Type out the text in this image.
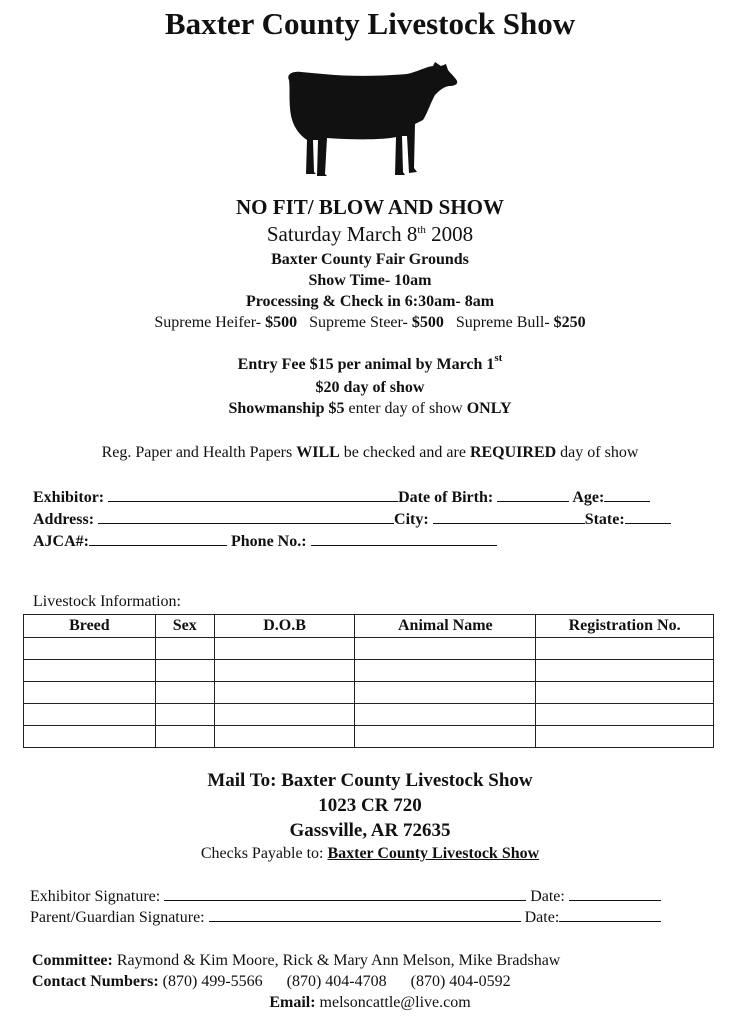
Baxter County Livestock Show
NO FIT/ BLOW AND SHOW
Saturday March 8th 2008
Baxter County Fair Grounds
Show Time- 10am
Processing & Check in 6:30am- 8am
Supreme Heifer- $500 Supreme Steer- $500 Supreme Bull- $250
Entry Fee $15 per animal by March 1st
$20 day of show
Showmanship $5 enter day of show ONLY
Reg. Paper and Health Papers WILL be checked and are REQUIRED day of show
Exhibitor:	Date of Birth:	Age:
Address:	City:	State:
AJCA#:	Phone No.:
Livestock Information:
Breed	Sex	D.O.B	Animal Name	Registration No.

Mail To: Baxter County Livestock Show
1023 CR 720
Gassville, AR 72635
Checks Payable to: Baxter County Livestock Show
Exhibitor Signature:	Date:
Parent/Guardian Signature:	Date:
Committee: Raymond & Kim Moore, Rick & Mary Ann Melson, Mike Bradshaw
Contact Numbers: (870) 499-5566 (870) 404-4708 (870) 404-0592
Email: melsoncattle@live.com
